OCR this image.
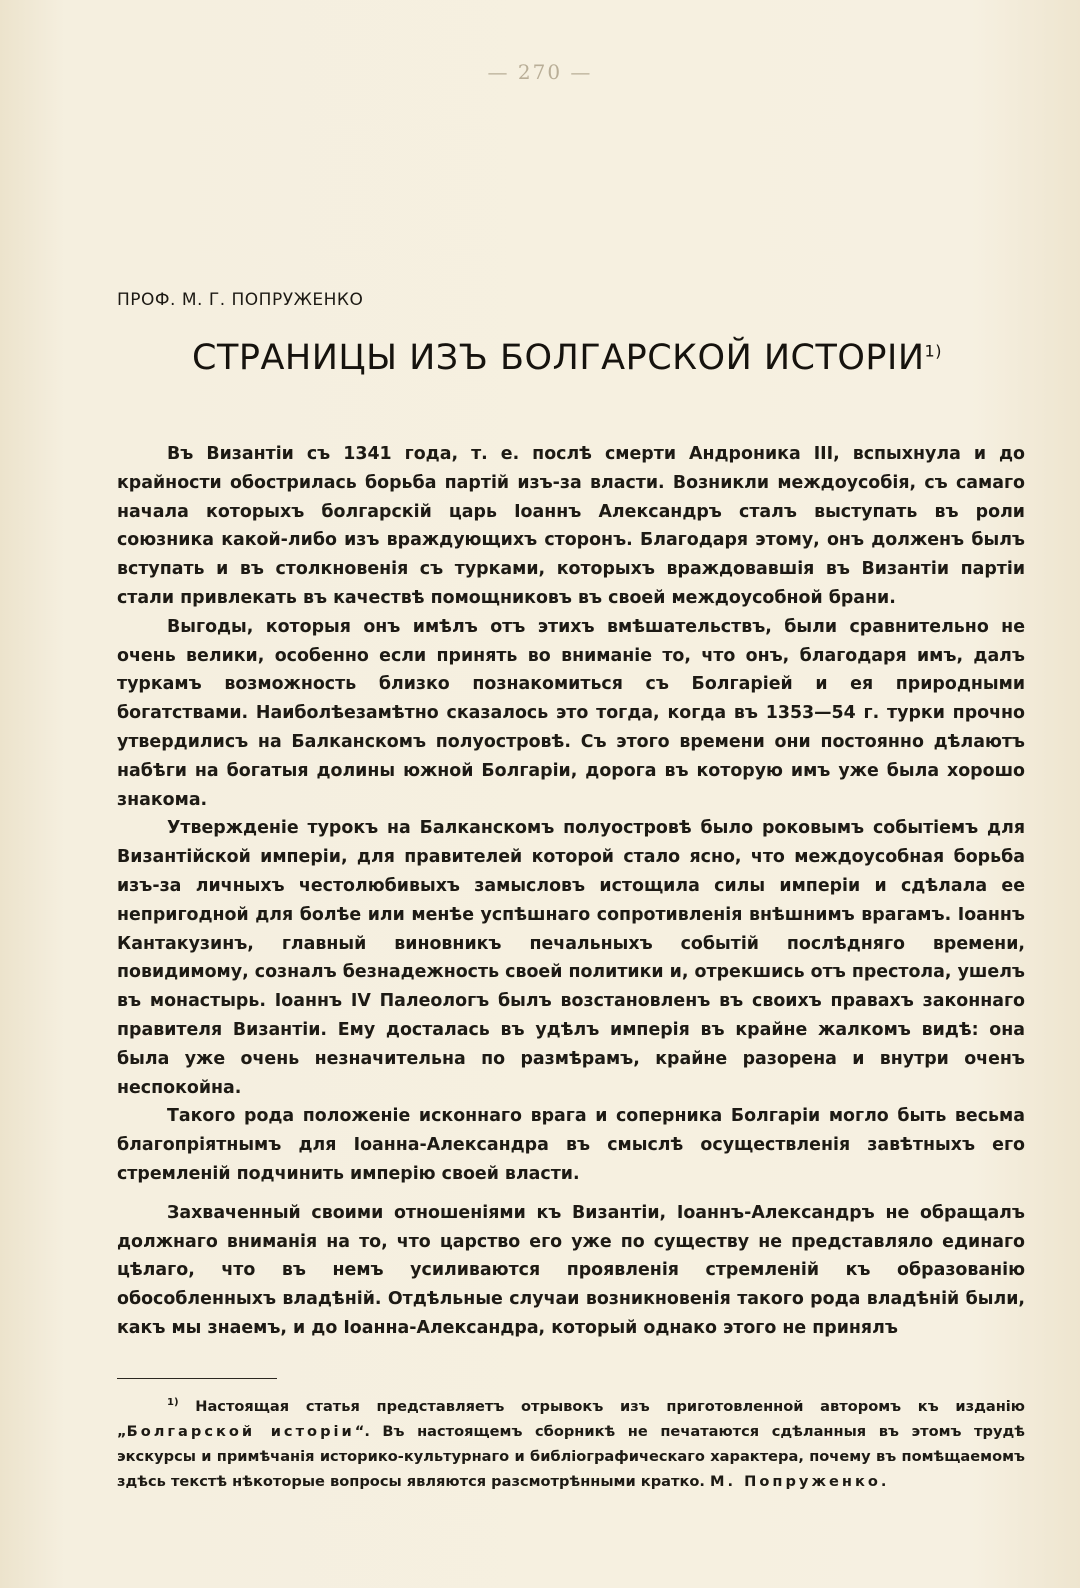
— 270 —
ПРОФ. М. Г. ПОПРУЖЕНКО
СТРАНИЦЫ ИЗЪ БОЛГАРСКОЙ ИСТОРIИ$^{1)}$

Въ Византiи съ 1341 года, т. е. послѣ смерти Андроника III, вспыхнула и до крайности обострилась борьба партiй изъ-за власти. Возникли междоусобiя, съ самаго начала которыхъ болгарскiй царь Iоаннъ Александръ сталъ выступать въ роли союзника какой-либо изъ враждующихъ сторонъ. Благодаря этому, онъ долженъ былъ вступать и въ столкновенiя съ турками, которыхъ враждовавшiя въ Византiи партiи стали привлекать въ качествѣ помощниковъ въ своей междоусобной брани.

Выгоды, которыя онъ имѣлъ отъ этихъ вмѣшательствъ, были сравнительно не очень велики, особенно если принять во вниманiе то, что онъ, благодаря имъ, далъ туркамъ возможность близко познакомиться съ Болгарiей и ея природными богатствами. Наиболѣезамѣтно сказалось это тогда, когда въ 1353—54 г. турки прочно утвердилисъ на Балканскомъ полуостровѣ. Съ этого времени они постоянно дѣлаютъ набѣги на богатыя долины южной Болгарiи, дорога въ которую имъ уже была хорошо знакома.

Утвержденiе турокъ на Балканскомъ полуостровѣ было роковымъ событiемъ для Византiйской имперiи, для правителей которой стало ясно, что междоусобная борьба изъ-за личныхъ честолюбивыхъ замысловъ истощила силы имперiи и сдѣлала ее непригодной для болѣе или менѣе успѣшнаго сопротивленiя внѣшнимъ врагамъ. Iоаннъ Кантакузинъ, главный виновникъ печальныхъ событiй послѣдняго времени, повидимому, созналъ безнадежность своей политики и, отрекшись отъ престола, ушелъ въ монастырь. Iоаннъ IV Палеологъ былъ возстановленъ въ своихъ правахъ законнаго правителя Византiи. Ему досталась въ удѣлъ имперiя въ крайне жалкомъ видѣ: она была уже очень незначительна по размѣрамъ, крайне разорена и внутри оченъ неспокойна.

Такого рода положенiе исконнаго врага и соперника Болгарiи могло быть весьма благопрiятнымъ для Iоанна-Александра въ смыслѣ осуществленiя завѣтныхъ его стремленiй подчинить имперiю своей власти.

Захваченный своими отношенiями къ Византiи, Iоаннъ-Александръ не обращалъ должнаго вниманiя на то, что царство его уже по существу не представляло единаго цѣлаго, что въ немъ усиливаются проявленiя стремленiй къ образованiю обособленныхъ владѣнiй. Отдѣльные случаи возникновенiя такого рода владѣнiй были, какъ мы знаемъ, и до Iоанна-Александра, который однако этого не принялъ

$^{1)}$ Настоящая статья представляетъ отрывокъ изъ приготовленной авторомъ къ изданiю „Болгарской исторiи“. Въ настоящемъ сборникѣ не печатаются сдѣланныя въ этомъ трудѣ экскурсы и примѣчанiя историко-культурнаго и библiографическаго характера, почему въ помѣщаемомъ здѣсь текстѣ нѣкоторые вопросы являются разсмотрѣнными кратко. М. Попруженко.
